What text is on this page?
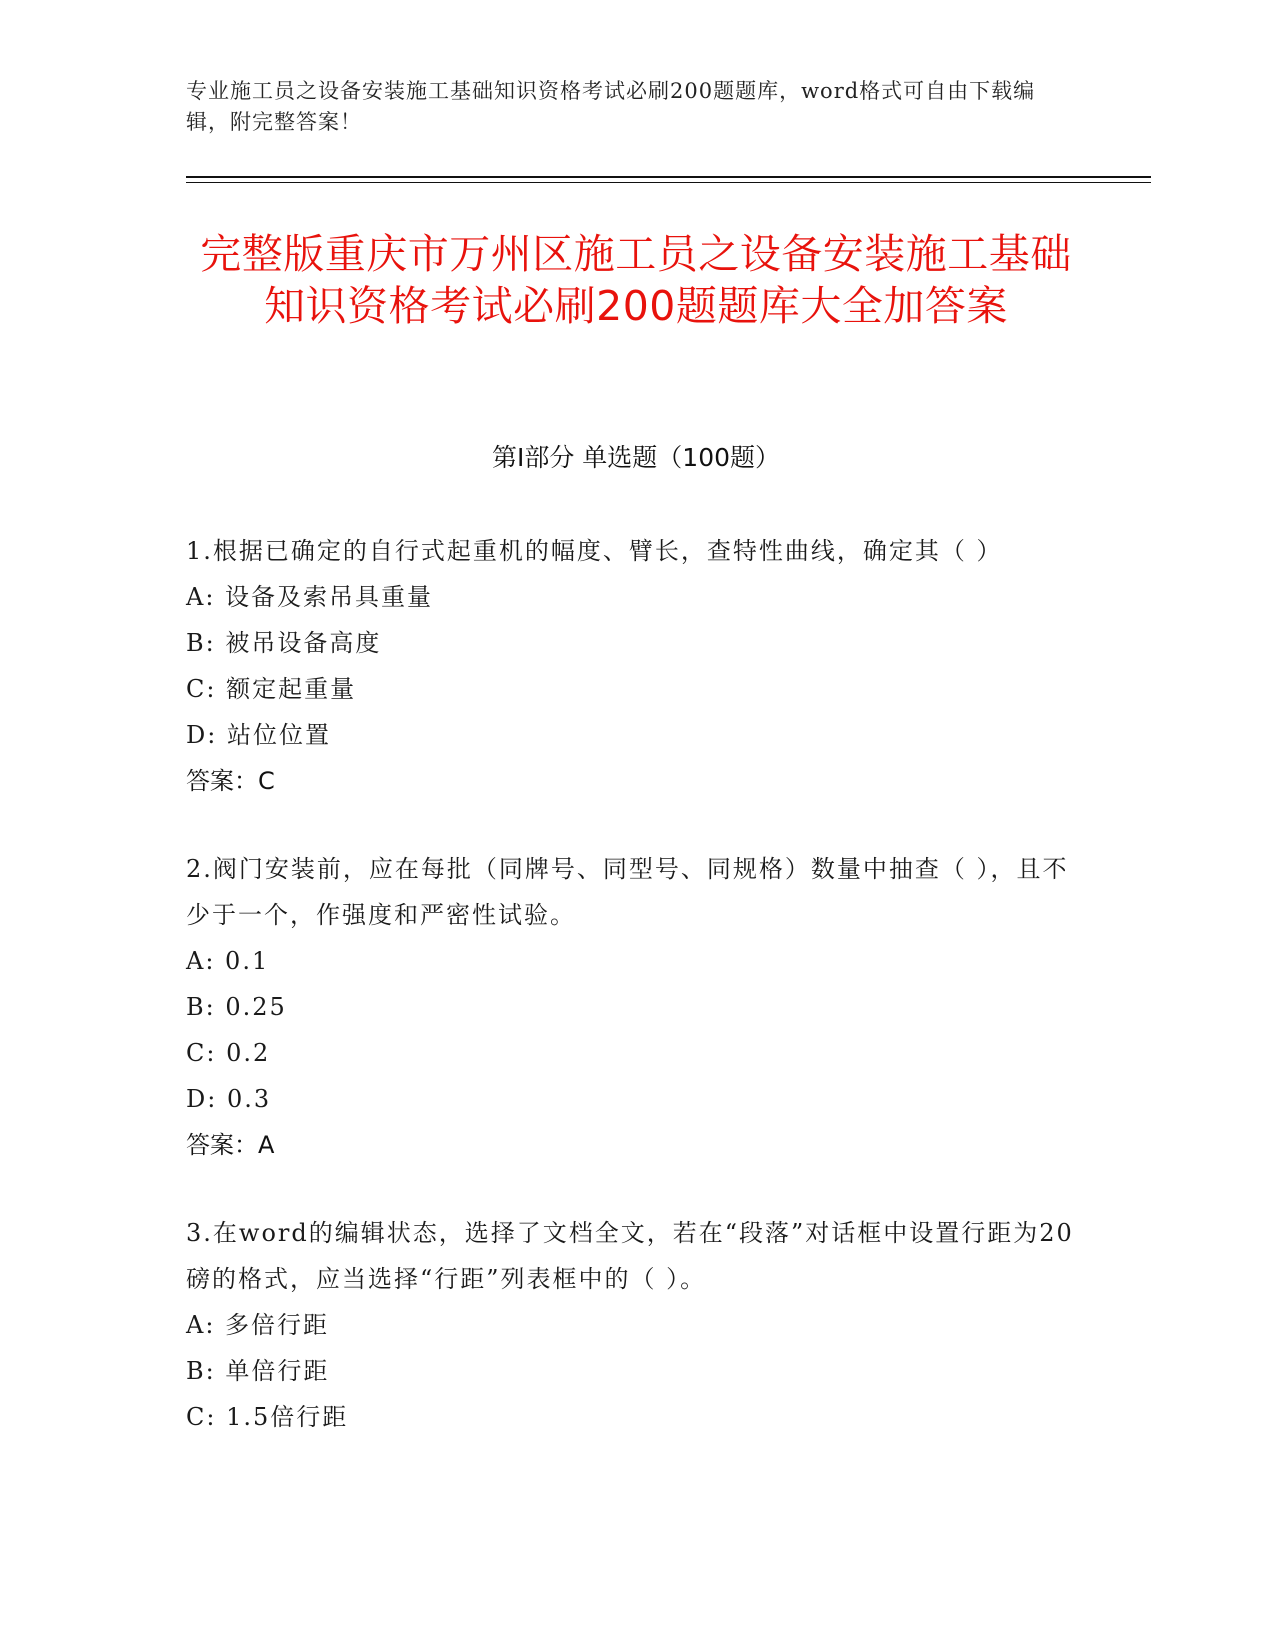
专业施工员之设备安装施工基础知识资格考试必刷200题题库，word格式可自由下载编辑，附完整答案！
完整版重庆市万州区施工员之设备安装施工基础知识资格考试必刷200题题库大全加答案
第Ⅰ部分 单选题（100题）
1.根据已确定的自行式起重机的幅度、臂长，查特性曲线，确定其（ ）
A: 设备及索吊具重量
B: 被吊设备高度
C: 额定起重量
D: 站位位置
答案：C
2.阀门安装前，应在每批（同牌号、同型号、同规格）数量中抽查（ ），且不少于一个，作强度和严密性试验。
A: 0.1
B: 0.25
C: 0.2
D: 0.3
答案：A
3.在word的编辑状态，选择了文档全文，若在“段落”对话框中设置行距为20磅的格式，应当选择“行距”列表框中的（ ）。
A: 多倍行距
B: 单倍行距
C: 1.5倍行距
